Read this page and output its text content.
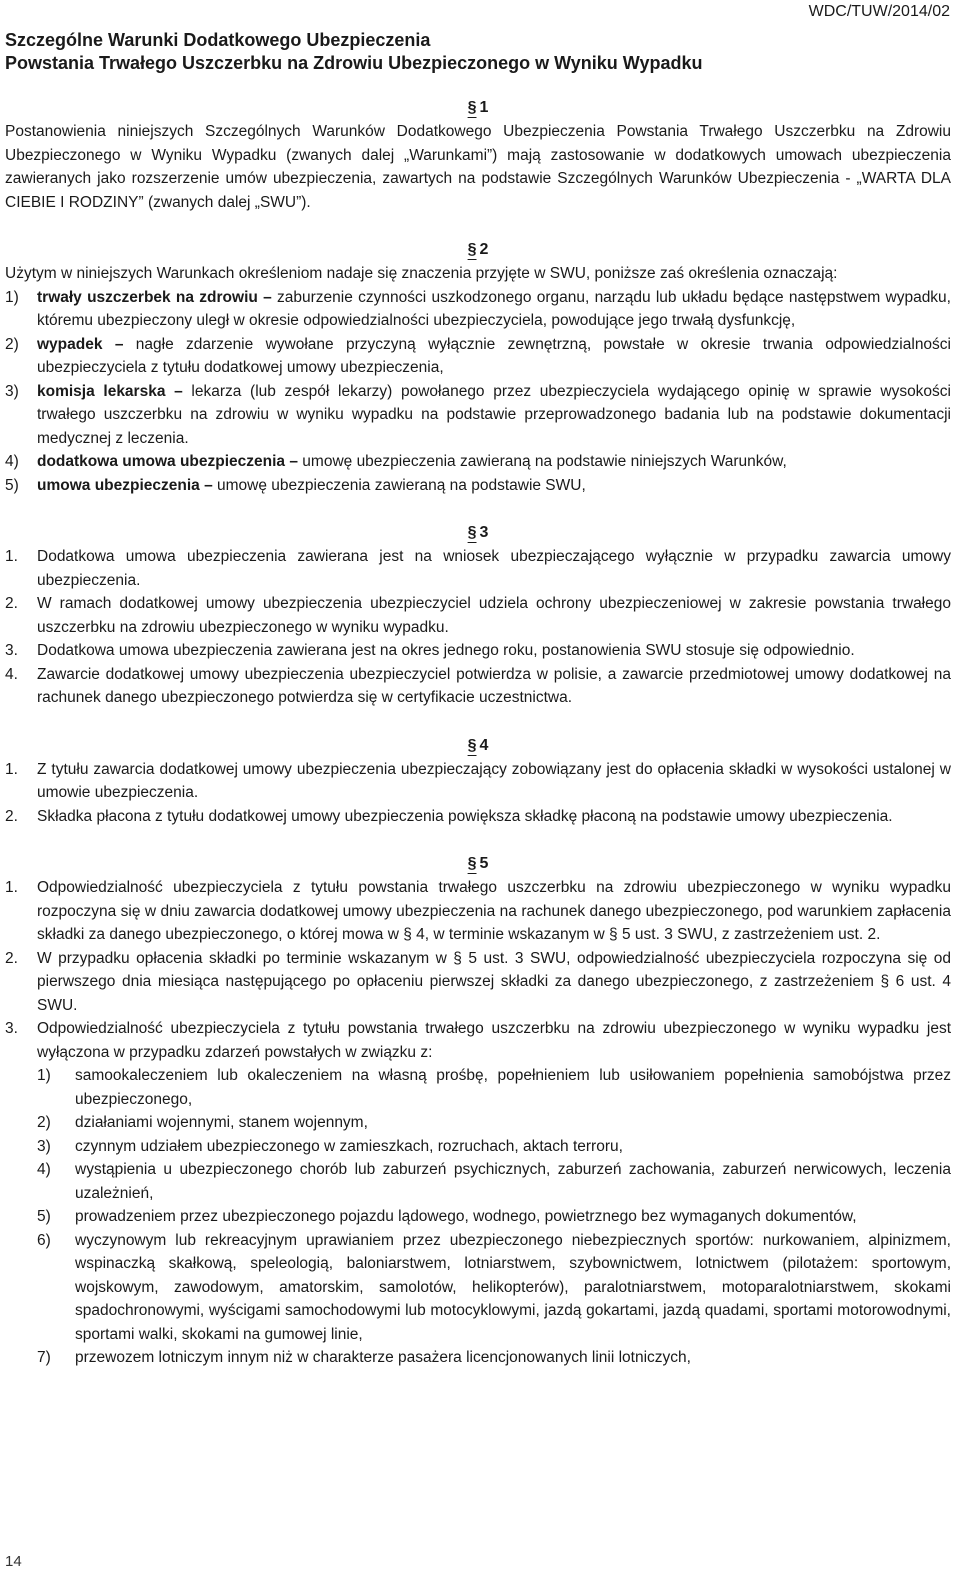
WDC/TUW/2014/02
Szczególne Warunki Dodatkowego Ubezpieczenia
Powstania Trwałego Uszczerbku na Zdrowiu Ubezpieczonego w Wyniku Wypadku
§ 1

Postanowienia niniejszych Szczególnych Warunków Dodatkowego Ubezpieczenia Powstania Trwałego Uszczerbku na Zdrowiu Ubezpieczonego w Wyniku Wypadku (zwanych dalej „Warunkami”) mają zastosowanie w dodatkowych umowach ubezpieczenia zawieranych jako rozszerzenie umów ubezpieczenia, zawartych na podstawie Szczególnych Warunków Ubezpieczenia - „WARTA DLA CIEBIE I RODZINY” (zwanych dalej „SWU”).

§ 2

Użytym w niniejszych Warunkach określeniom nadaje się znaczenia przyjęte w SWU, poniższe zaś określenia oznaczają:

1)	trwały uszczerbek na zdrowiu – zaburzenie czynności uszkodzonego organu, narządu lub układu będące następstwem wypadku, któremu ubezpieczony uległ w okresie odpowiedzialności ubezpieczyciela, powodujące jego trwałą dysfunkcję,
2)	wypadek – nagłe zdarzenie wywołane przyczyną wyłącznie zewnętrzną, powstałe w okresie trwania odpowiedzialności ubezpieczyciela z tytułu dodatkowej umowy ubezpieczenia,
3)	komisja lekarska – lekarza (lub zespół lekarzy) powołanego przez ubezpieczyciela wydającego opinię w sprawie wysokości trwałego uszczerbku na zdrowiu w wyniku wypadku na podstawie przeprowadzonego badania lub na podstawie dokumentacji medycznej z leczenia.
4)	dodatkowa umowa ubezpieczenia – umowę ubezpieczenia zawieraną na podstawie niniejszych Warunków,
5)	umowa ubezpieczenia – umowę ubezpieczenia zawieraną na podstawie SWU,
§ 3
1.	Dodatkowa umowa ubezpieczenia zawierana jest na wniosek ubezpieczającego wyłącznie w przypadku zawarcia umowy ubezpieczenia.
2.	W ramach dodatkowej umowy ubezpieczenia ubezpieczyciel udziela ochrony ubezpieczeniowej w zakresie powstania trwałego uszczerbku na zdrowiu ubezpieczonego w wyniku wypadku.
3.	Dodatkowa umowa ubezpieczenia zawierana jest na okres jednego roku, postanowienia SWU stosuje się odpowiednio.
4.	Zawarcie dodatkowej umowy ubezpieczenia ubezpieczyciel potwierdza w polisie, a zawarcie przedmiotowej umowy dodatkowej na rachunek danego ubezpieczonego potwierdza się w certyfikacie uczestnictwa.
§ 4
1.	Z tytułu zawarcia dodatkowej umowy ubezpieczenia ubezpieczający zobowiązany jest do opłacenia składki w wysokości ustalonej w umowie ubezpieczenia.
2.	Składka płacona z tytułu dodatkowej umowy ubezpieczenia powiększa składkę płaconą na podstawie umowy ubezpieczenia.
§ 5
1.	Odpowiedzialność ubezpieczyciela z tytułu powstania trwałego uszczerbku na zdrowiu ubezpieczonego w wyniku wypadku rozpoczyna się w dniu zawarcia dodatkowej umowy ubezpieczenia na rachunek danego ubezpieczonego, pod warunkiem zapłacenia składki za danego ubezpieczonego, o której mowa w § 4, w terminie wskazanym w § 5 ust. 3 SWU, z zastrzeżeniem ust. 2.
2.	W przypadku opłacenia składki po terminie wskazanym w § 5 ust. 3 SWU, odpowiedzialność ubezpieczyciela rozpoczyna się od pierwszego dnia miesiąca następującego po opłaceniu pierwszej składki za danego ubezpieczonego, z zastrzeżeniem § 6 ust. 4 SWU.
3.	Odpowiedzialność ubezpieczyciela z tytułu powstania trwałego uszczerbku na zdrowiu ubezpieczonego w wyniku wypadku jest wyłączona w przypadku zdarzeń powstałych w związku z:
1)	samookaleczeniem lub okaleczeniem na własną prośbę, popełnieniem lub usiłowaniem popełnienia samobójstwa przez ubezpieczonego,
2)	działaniami wojennymi, stanem wojennym,
3)	czynnym udziałem ubezpieczonego w zamieszkach, rozruchach, aktach terroru,
4)	wystąpienia u ubezpieczonego chorób lub zaburzeń psychicznych, zaburzeń zachowania, zaburzeń nerwicowych, leczenia uzależnień,
5)	prowadzeniem przez ubezpieczonego pojazdu lądowego, wodnego, powietrznego bez wymaganych dokumentów,
6)	wyczynowym lub rekreacyjnym uprawianiem przez ubezpieczonego niebezpiecznych sportów: nurkowaniem, alpinizmem, wspinaczką skałkową, speleologią, baloniarstwem, lotniarstwem, szybownictwem, lotnictwem (pilotażem: sportowym, wojskowym, zawodowym, amatorskim, samolotów, helikopterów), paralotniarstwem, motoparalotniarstwem, skokami spadochronowymi, wyścigami samochodowymi lub motocyklowymi, jazdą gokartami, jazdą quadami, sportami motorowodnymi, sportami walki, skokami na gumowej linie,
7)	przewozem lotniczym innym niż w charakterze pasażera licencjonowanych linii lotniczych,
14
